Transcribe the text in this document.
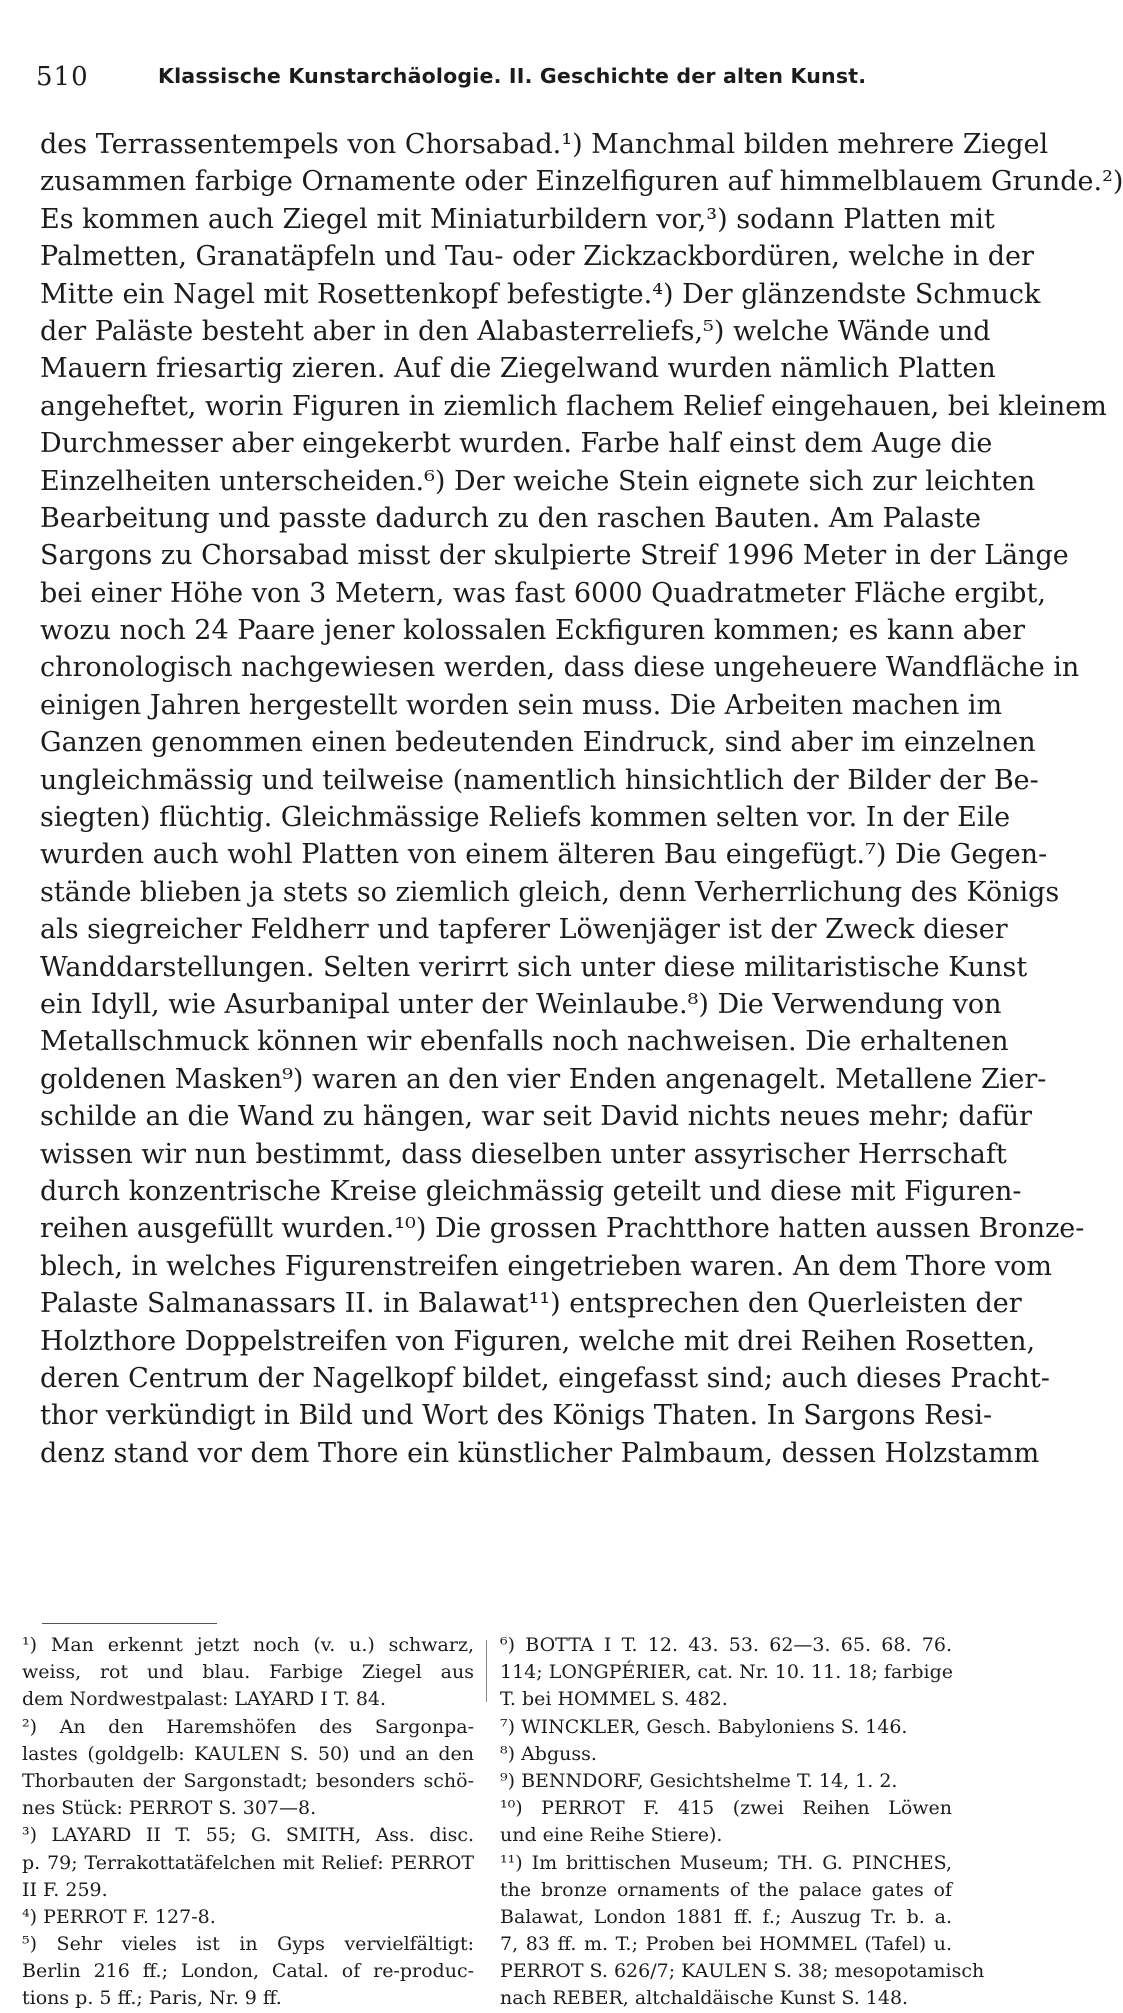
510	Klassische Kunstarchäologie. II. Geschichte der alten Kunst.
des Terrassentempels von Chorsabad.¹) Manchmal bilden mehrere Ziegel
zusammen farbige Ornamente oder Einzelfiguren auf himmelblauem Grunde.²)
Es kommen auch Ziegel mit Miniaturbildern vor,³) sodann Platten mit
Palmetten, Granatäpfeln und Tau- oder Zickzackbordüren, welche in der
Mitte ein Nagel mit Rosettenkopf befestigte.⁴) Der glänzendste Schmuck
der Paläste besteht aber in den Alabasterreliefs,⁵) welche Wände und
Mauern friesartig zieren. Auf die Ziegelwand wurden nämlich Platten
angeheftet, worin Figuren in ziemlich flachem Relief eingehauen, bei kleinem
Durchmesser aber eingekerbt wurden. Farbe half einst dem Auge die
Einzelheiten unterscheiden.⁶) Der weiche Stein eignete sich zur leichten
Bearbeitung und passte dadurch zu den raschen Bauten. Am Palaste
Sargons zu Chorsabad misst der skulpierte Streif 1996 Meter in der Länge
bei einer Höhe von 3 Metern, was fast 6000 Quadratmeter Fläche ergibt,
wozu noch 24 Paare jener kolossalen Eckfiguren kommen; es kann aber
chronologisch nachgewiesen werden, dass diese ungeheuere Wandfläche in
einigen Jahren hergestellt worden sein muss. Die Arbeiten machen im
Ganzen genommen einen bedeutenden Eindruck, sind aber im einzelnen
ungleichmässig und teilweise (namentlich hinsichtlich der Bilder der Be-
siegten) flüchtig. Gleichmässige Reliefs kommen selten vor. In der Eile
wurden auch wohl Platten von einem älteren Bau eingefügt.⁷) Die Gegen-
stände blieben ja stets so ziemlich gleich, denn Verherrlichung des Königs
als siegreicher Feldherr und tapferer Löwenjäger ist der Zweck dieser
Wanddarstellungen. Selten verirrt sich unter diese militaristische Kunst
ein Idyll, wie Asurbanipal unter der Weinlaube.⁸) Die Verwendung von
Metallschmuck können wir ebenfalls noch nachweisen. Die erhaltenen
goldenen Masken⁹) waren an den vier Enden angenagelt. Metallene Zier-
schilde an die Wand zu hängen, war seit David nichts neues mehr; dafür
wissen wir nun bestimmt, dass dieselben unter assyrischer Herrschaft
durch konzentrische Kreise gleichmässig geteilt und diese mit Figuren-
reihen ausgefüllt wurden.¹⁰) Die grossen Prachtthore hatten aussen Bronze-
blech, in welches Figurenstreifen eingetrieben waren. An dem Thore vom
Palaste Salmanassars II. in Balawat¹¹) entsprechen den Querleisten der
Holzthore Doppelstreifen von Figuren, welche mit drei Reihen Rosetten,
deren Centrum der Nagelkopf bildet, eingefasst sind; auch dieses Pracht-
thor verkündigt in Bild und Wort des Königs Thaten. In Sargons Resi-
denz stand vor dem Thore ein künstlicher Palmbaum, dessen Holzstamm
¹) Man erkennt jetzt noch (v. u.) schwarz,
weiss, rot und blau. Farbige Ziegel aus
dem Nordwestpalast: LAYARD I T. 84.
²) An den Haremshöfen des Sargonpa-
lastes (goldgelb: KAULEN S. 50) und an den
Thorbauten der Sargonstadt; besonders schö-
nes Stück: PERROT S. 307—8.
³) LAYARD II T. 55; G. SMITH, Ass. disc.
p. 79; Terrakottatäfelchen mit Relief: PERROT
II F. 259.
⁴) PERROT F. 127-8.
⁵) Sehr vieles ist in Gyps vervielfältigt:
Berlin 216 ff.; London, Catal. of re-produc-
tions p. 5 ff.; Paris, Nr. 9 ff.
⁶) BOTTA I T. 12. 43. 53. 62—3. 65. 68. 76.
114; LONGPÉRIER, cat. Nr. 10. 11. 18; farbige
T. bei HOMMEL S. 482.
⁷) WINCKLER, Gesch. Babyloniens S. 146.
⁸) Abguss.
⁹) BENNDORF, Gesichtshelme T. 14, 1. 2.
¹⁰) PERROT F. 415 (zwei Reihen Löwen
und eine Reihe Stiere).
¹¹) Im brittischen Museum; TH. G. PINCHES,
the bronze ornaments of the palace gates of
Balawat, London 1881 ff. f.; Auszug Tr. b. a.
7, 83 ff. m. T.; Proben bei HOMMEL (Tafel) u.
PERROT S. 626/7; KAULEN S. 38; mesopotamisch
nach REBER, altchaldäische Kunst S. 148.
